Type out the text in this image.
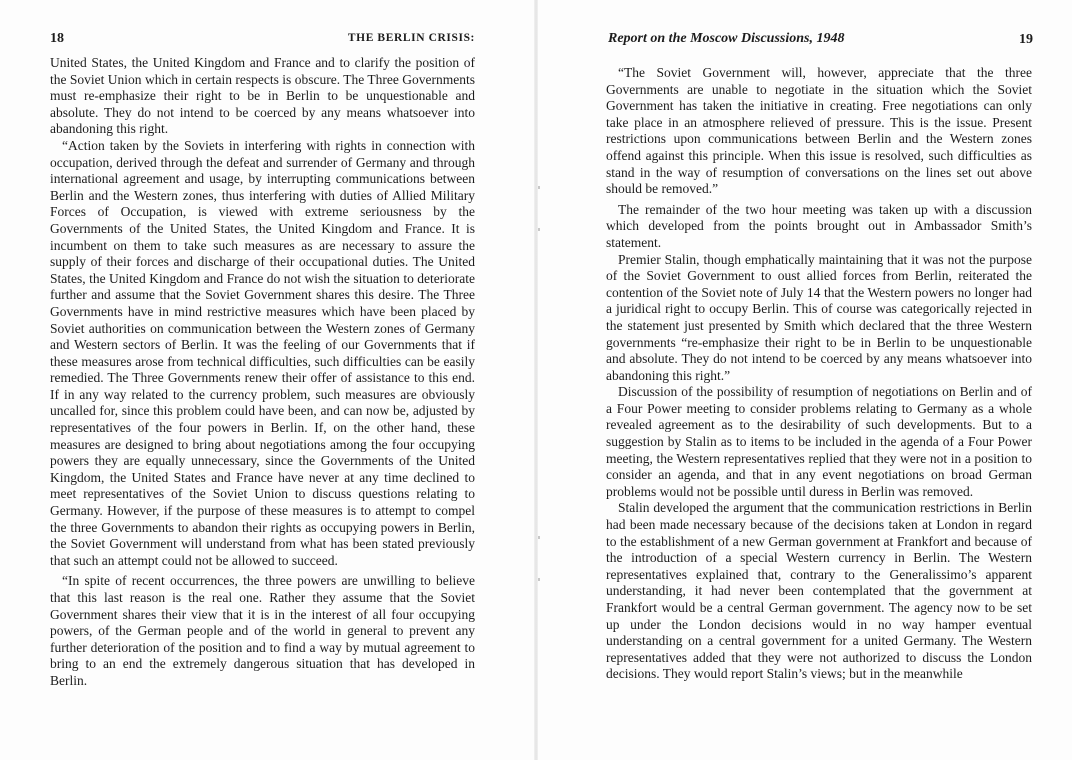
18	THE BERLIN CRISIS:

United States, the United Kingdom and France and to clarify the position of the Soviet Union which in certain respects is obscure. The Three Governments must re-emphasize their right to be in Berlin to be unquestionable and absolute. They do not intend to be coerced by any means whatsoever into abandoning this right.

“Action taken by the Soviets in interfering with rights in connection with occupation, derived through the defeat and surrender of Germany and through international agreement and usage, by interrupting communications between Berlin and the Western zones, thus interfering with duties of Allied Military Forces of Occupation, is viewed with extreme seriousness by the Governments of the United States, the United Kingdom and France. It is incumbent on them to take such measures as are necessary to assure the supply of their forces and discharge of their occupational duties. The United States, the United Kingdom and France do not wish the situation to deteriorate further and assume that the Soviet Government shares this desire. The Three Governments have in mind restrictive measures which have been placed by Soviet authorities on communication between the Western zones of Germany and Western sectors of Berlin. It was the feeling of our Governments that if these measures arose from technical difficulties, such difficulties can be easily remedied. The Three Governments renew their offer of assistance to this end. If in any way related to the currency problem, such measures are obviously uncalled for, since this problem could have been, and can now be, adjusted by representatives of the four powers in Berlin. If, on the other hand, these measures are designed to bring about negotiations among the four occupying powers they are equally unnecessary, since the Governments of the United Kingdom, the United States and France have never at any time declined to meet representatives of the Soviet Union to discuss questions relating to Germany. However, if the purpose of these measures is to attempt to compel the three Governments to abandon their rights as occupying powers in Berlin, the Soviet Government will understand from what has been stated previously that such an attempt could not be allowed to succeed.

“In spite of recent occurrences, the three powers are unwilling to believe that this last reason is the real one. Rather they assume that the Soviet Government shares their view that it is in the interest of all four occupying powers, of the German people and of the world in general to prevent any further deterioration of the position and to find a way by mutual agreement to bring to an end the extremely dangerous situation that has developed in Berlin.

Report on the Moscow Discussions, 1948	19

“The Soviet Government will, however, appreciate that the three Governments are unable to negotiate in the situation which the Soviet Government has taken the initiative in creating. Free negotiations can only take place in an atmosphere relieved of pressure. This is the issue. Present restrictions upon communications between Berlin and the Western zones offend against this principle. When this issue is resolved, such difficulties as stand in the way of resumption of conversations on the lines set out above should be removed.”

The remainder of the two hour meeting was taken up with a discussion which developed from the points brought out in Ambassador Smith’s statement.

Premier Stalin, though emphatically maintaining that it was not the purpose of the Soviet Government to oust allied forces from Berlin, reiterated the contention of the Soviet note of July 14 that the Western powers no longer had a juridical right to occupy Berlin. This of course was categorically rejected in the statement just presented by Smith which declared that the three Western governments “re-emphasize their right to be in Berlin to be unquestionable and absolute. They do not intend to be coerced by any means whatsoever into abandoning this right.”

Discussion of the possibility of resumption of negotiations on Berlin and of a Four Power meeting to consider problems relating to Germany as a whole revealed agreement as to the desirability of such developments. But to a suggestion by Stalin as to items to be included in the agenda of a Four Power meeting, the Western representatives replied that they were not in a position to consider an agenda, and that in any event negotiations on broad German problems would not be possible until duress in Berlin was removed.

Stalin developed the argument that the communication restrictions in Berlin had been made necessary because of the decisions taken at London in regard to the establishment of a new German government at Frankfort and because of the introduction of a special Western currency in Berlin. The Western representatives explained that, contrary to the Generalissimo’s apparent understanding, it had never been contemplated that the government at Frankfort would be a central German government. The agency now to be set up under the London decisions would in no way hamper eventual understanding on a central government for a united Germany. The Western representatives added that they were not authorized to discuss the London decisions. They would report Stalin’s views; but in the meanwhile
